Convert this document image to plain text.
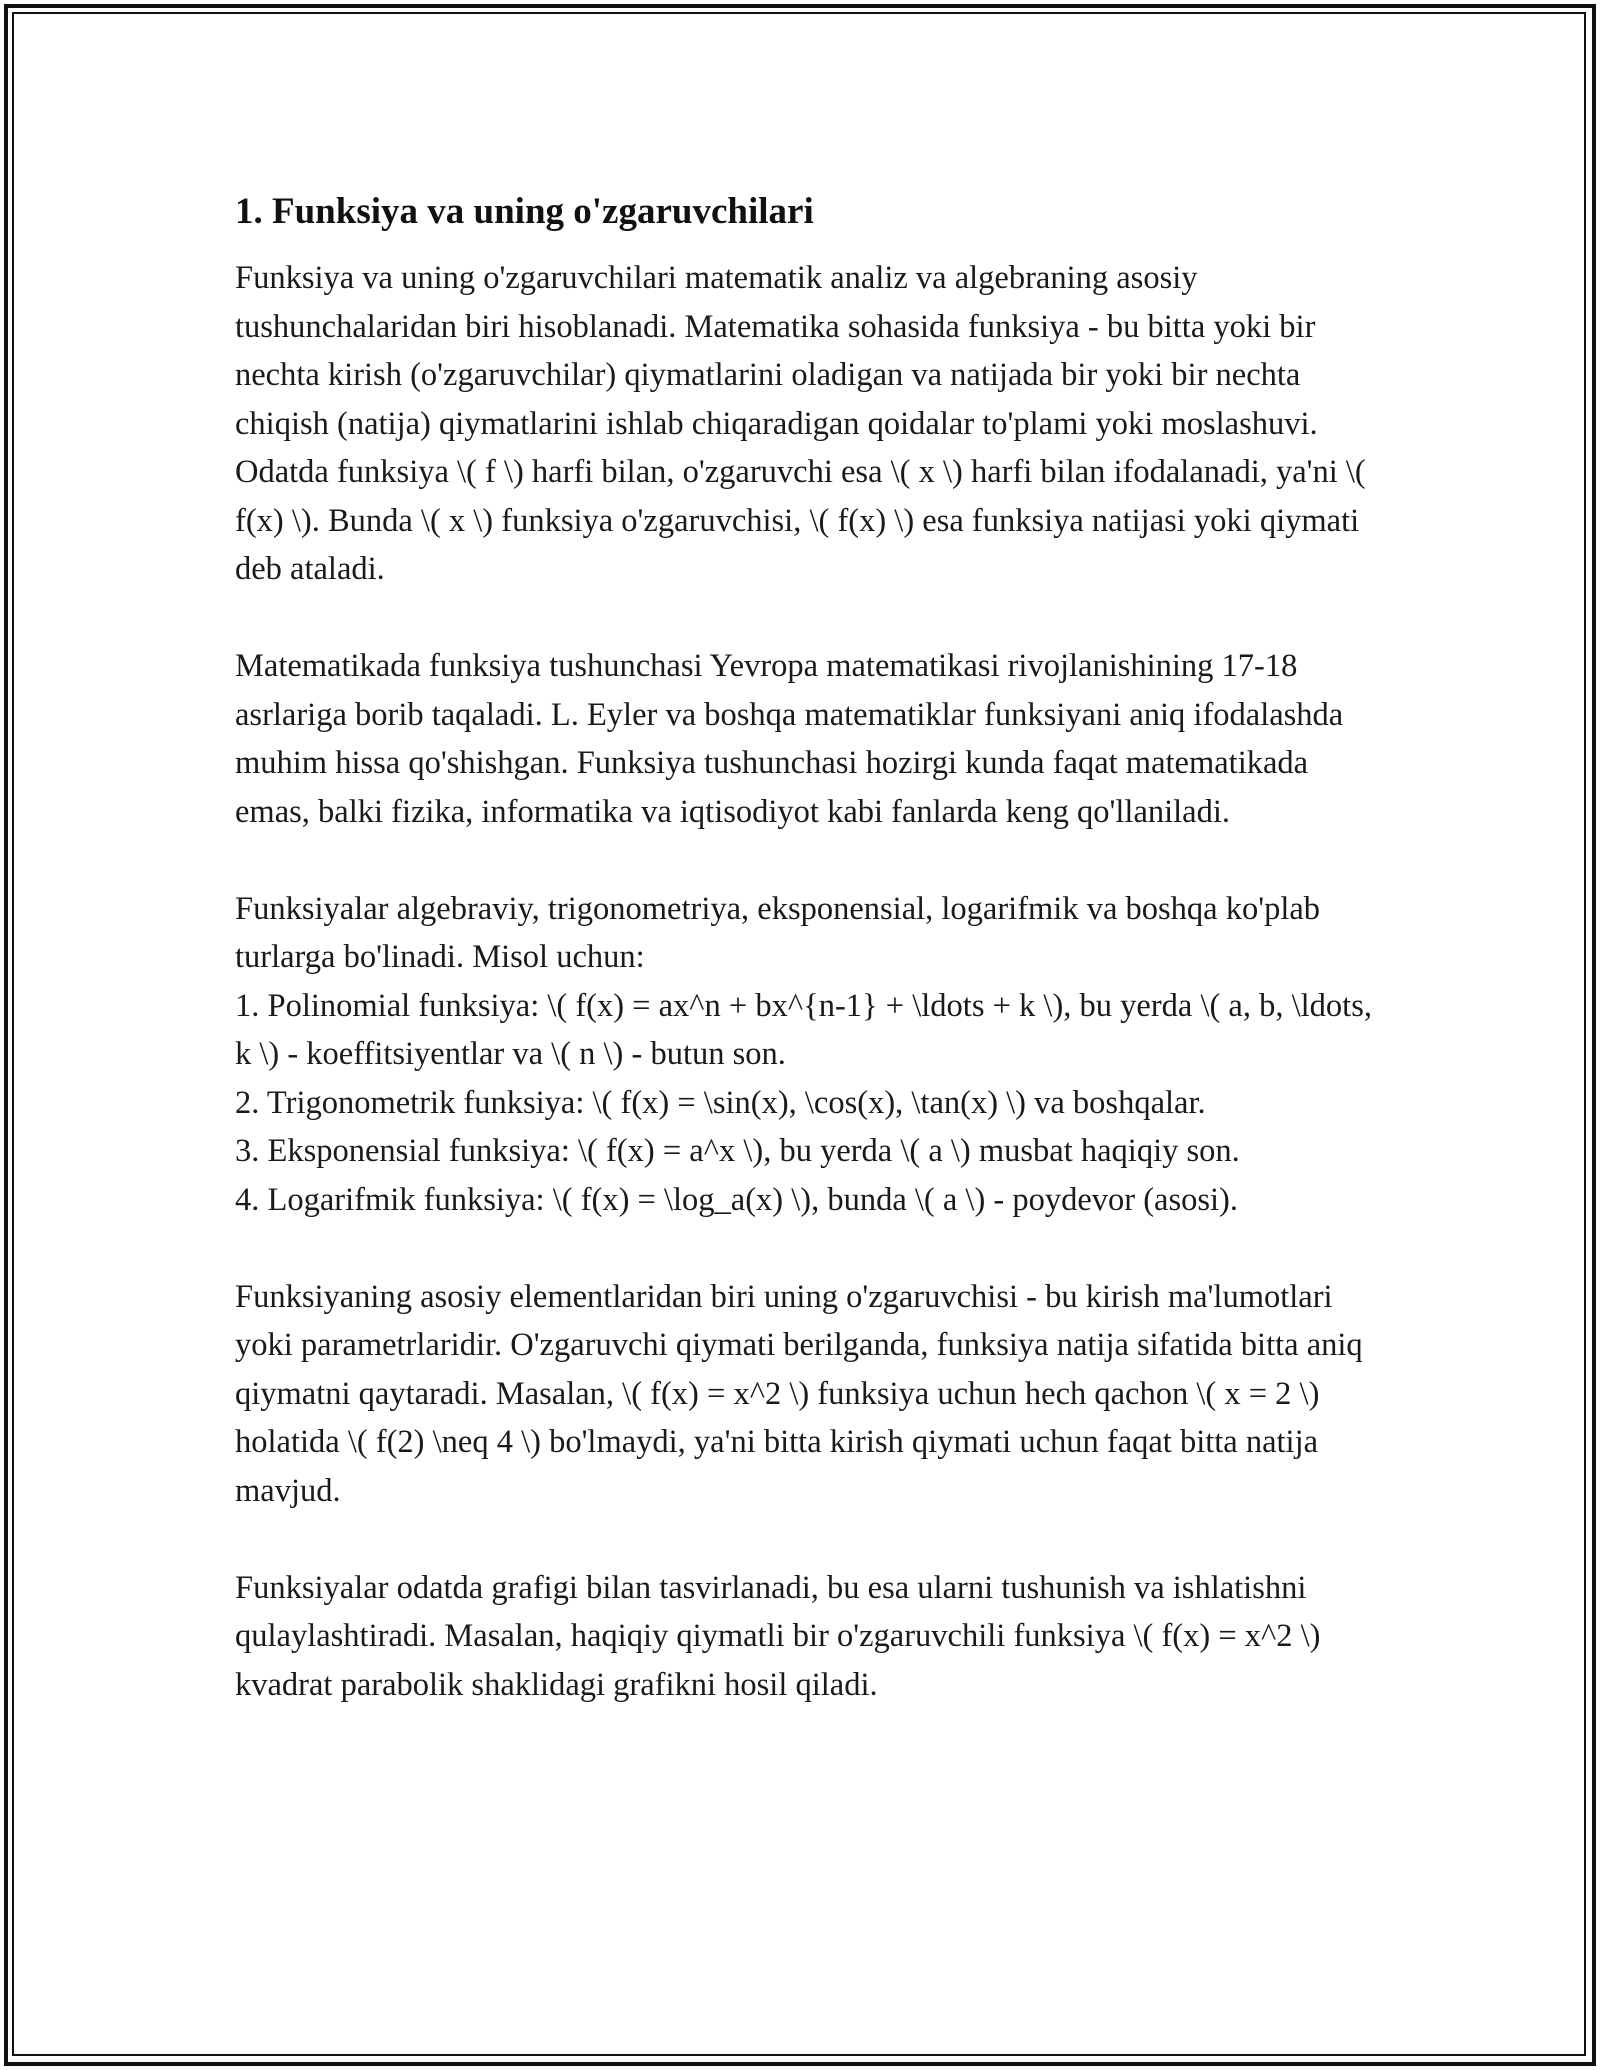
1. Funksiya va uning o'zgaruvchilari

Funksiya va uning o'zgaruvchilari matematik analiz va algebraning asosiy tushunchalaridan biri hisoblanadi. Matematika sohasida funksiya - bu bitta yoki bir nechta kirish (o'zgaruvchilar) qiymatlarini oladigan va natijada bir yoki bir nechta chiqish (natija) qiymatlarini ishlab chiqaradigan qoidalar to'plami yoki moslashuvi. Odatda funksiya \( f \) harfi bilan, o'zgaruvchi esa \( x \) harfi bilan ifodalanadi, ya'ni \( f(x) \). Bunda \( x \) funksiya o'zgaruvchisi, \( f(x) \) esa funksiya natijasi yoki qiymati deb ataladi.

Matematikada funksiya tushunchasi Yevropa matematikasi rivojlanishining 17-18 asrlariga borib taqaladi. L. Eyler va boshqa matematiklar funksiyani aniq ifodalashda muhim hissa qo'shishgan. Funksiya tushunchasi hozirgi kunda faqat matematikada emas, balki fizika, informatika va iqtisodiyot kabi fanlarda keng qo'llaniladi.

Funksiyalar algebraviy, trigonometriya, eksponensial, logarifmik va boshqa ko'plab turlarga bo'linadi. Misol uchun:
1. Polinomial funksiya: \( f(x) = ax^n + bx^{n-1} + \ldots + k \), bu yerda \( a, b, \ldots, k \) - koeffitsiyentlar va \( n \) - butun son.
2. Trigonometrik funksiya: \( f(x) = \sin(x), \cos(x), \tan(x) \) va boshqalar.
3. Eksponensial funksiya: \( f(x) = a^x \), bu yerda \( a \) musbat haqiqiy son.
4. Logarifmik funksiya: \( f(x) = \log_a(x) \), bunda \( a \) - poydevor (asosi).

Funksiyaning asosiy elementlaridan biri uning o'zgaruvchisi - bu kirish ma'lumotlari yoki parametrlaridir. O'zgaruvchi qiymati berilganda, funksiya natija sifatida bitta aniq qiymatni qaytaradi. Masalan, \( f(x) = x^2 \) funksiya uchun hech qachon \( x = 2 \) holatida \( f(2) \neq 4 \) bo'lmaydi, ya'ni bitta kirish qiymati uchun faqat bitta natija mavjud.

Funksiyalar odatda grafigi bilan tasvirlanadi, bu esa ularni tushunish va ishlatishni qulaylashtiradi. Masalan, haqiqiy qiymatli bir o'zgaruvchili funksiya \( f(x) = x^2 \) kvadrat parabolik shaklidagi grafikni hosil qiladi.
